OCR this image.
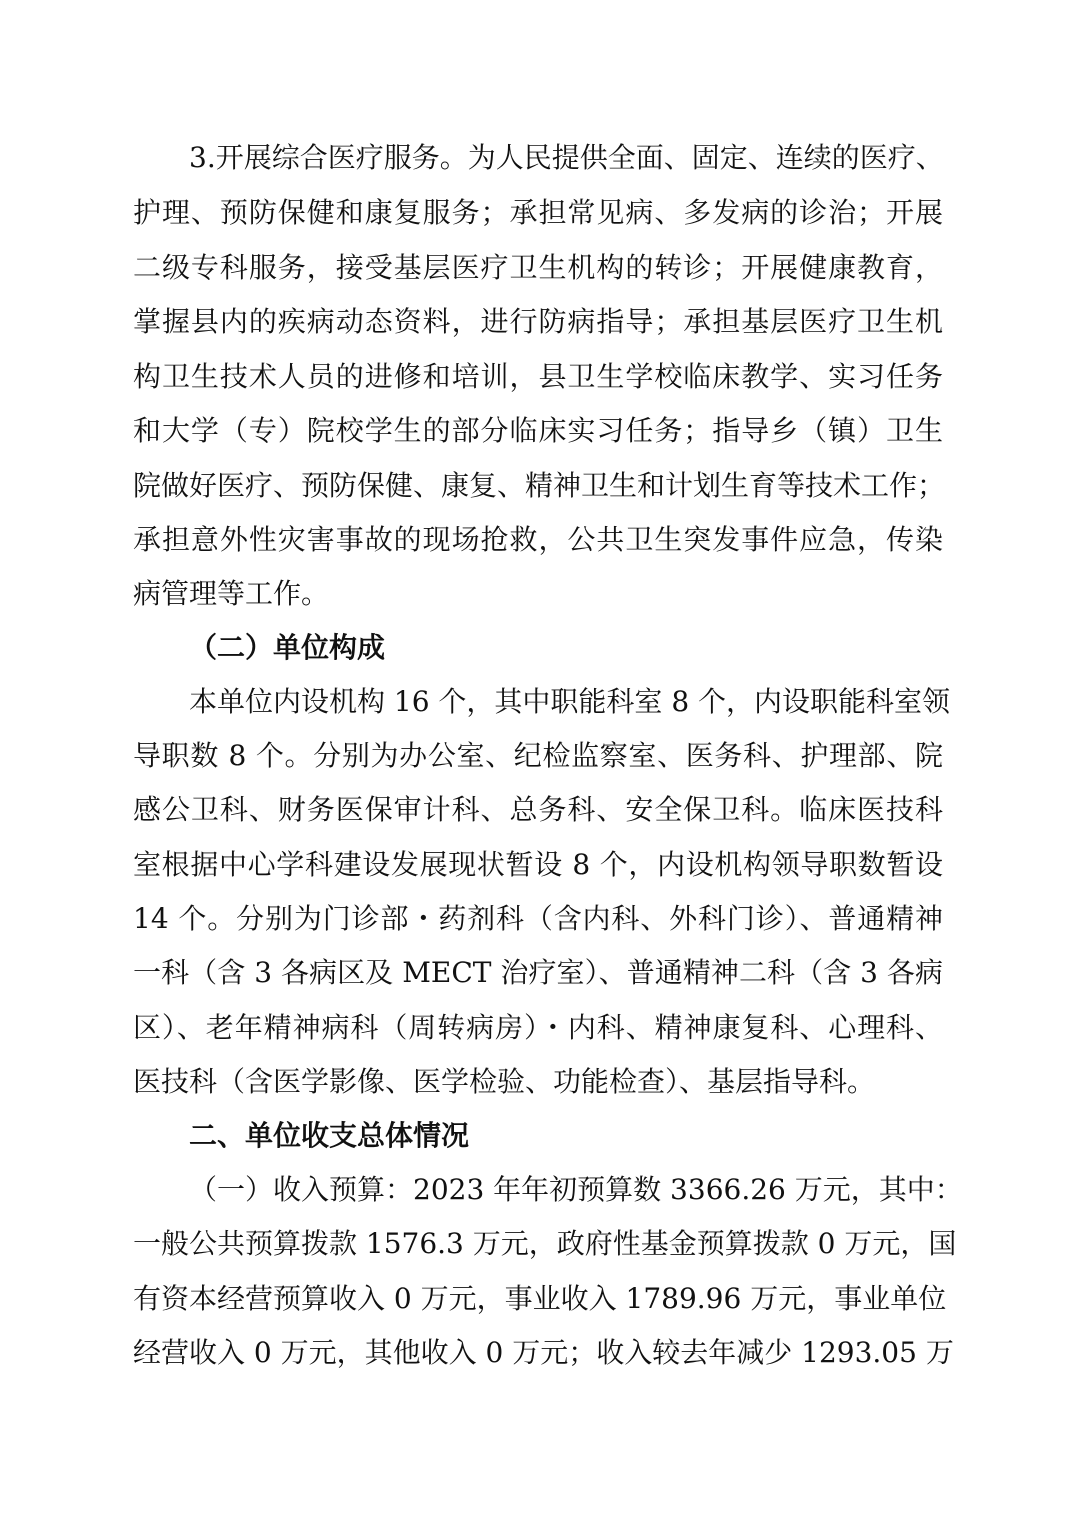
3.开展综合医疗服务。为人民提供全面、固定、连续的医疗、
护理、预防保健和康复服务；承担常见病、多发病的诊治；开展
二级专科服务，接受基层医疗卫生机构的转诊；开展健康教育，
掌握县内的疾病动态资料，进行防病指导；承担基层医疗卫生机
构卫生技术人员的进修和培训，县卫生学校临床教学、实习任务
和大学（专）院校学生的部分临床实习任务；指导乡（镇）卫生
院做好医疗、预防保健、康复、精神卫生和计划生育等技术工作；
承担意外性灾害事故的现场抢救，公共卫生突发事件应急，传染
病管理等工作。
（二）单位构成
本单位内设机构 16 个，其中职能科室 8 个，内设职能科室领
导职数 8 个。分别为办公室、纪检监察室、医务科、护理部、院
感公卫科、财务医保审计科、总务科、安全保卫科。临床医技科
室根据中心学科建设发展现状暂设 8 个，内设机构领导职数暂设
14 个。分别为门诊部・药剂科（含内科、外科门诊）、普通精神
一科（含 3 各病区及 MECT 治疗室）、普通精神二科（含 3 各病
区）、老年精神病科（周转病房）・内科、精神康复科、心理科、
医技科（含医学影像、医学检验、功能检查）、基层指导科。
二、单位收支总体情况
（一）收入预算：2023 年年初预算数 3366.26 万元，其中：
一般公共预算拨款 1576.3 万元，政府性基金预算拨款 0 万元，国
有资本经营预算收入 0 万元，事业收入 1789.96 万元，事业单位
经营收入 0 万元，其他收入 0 万元；收入较去年减少 1293.05 万
